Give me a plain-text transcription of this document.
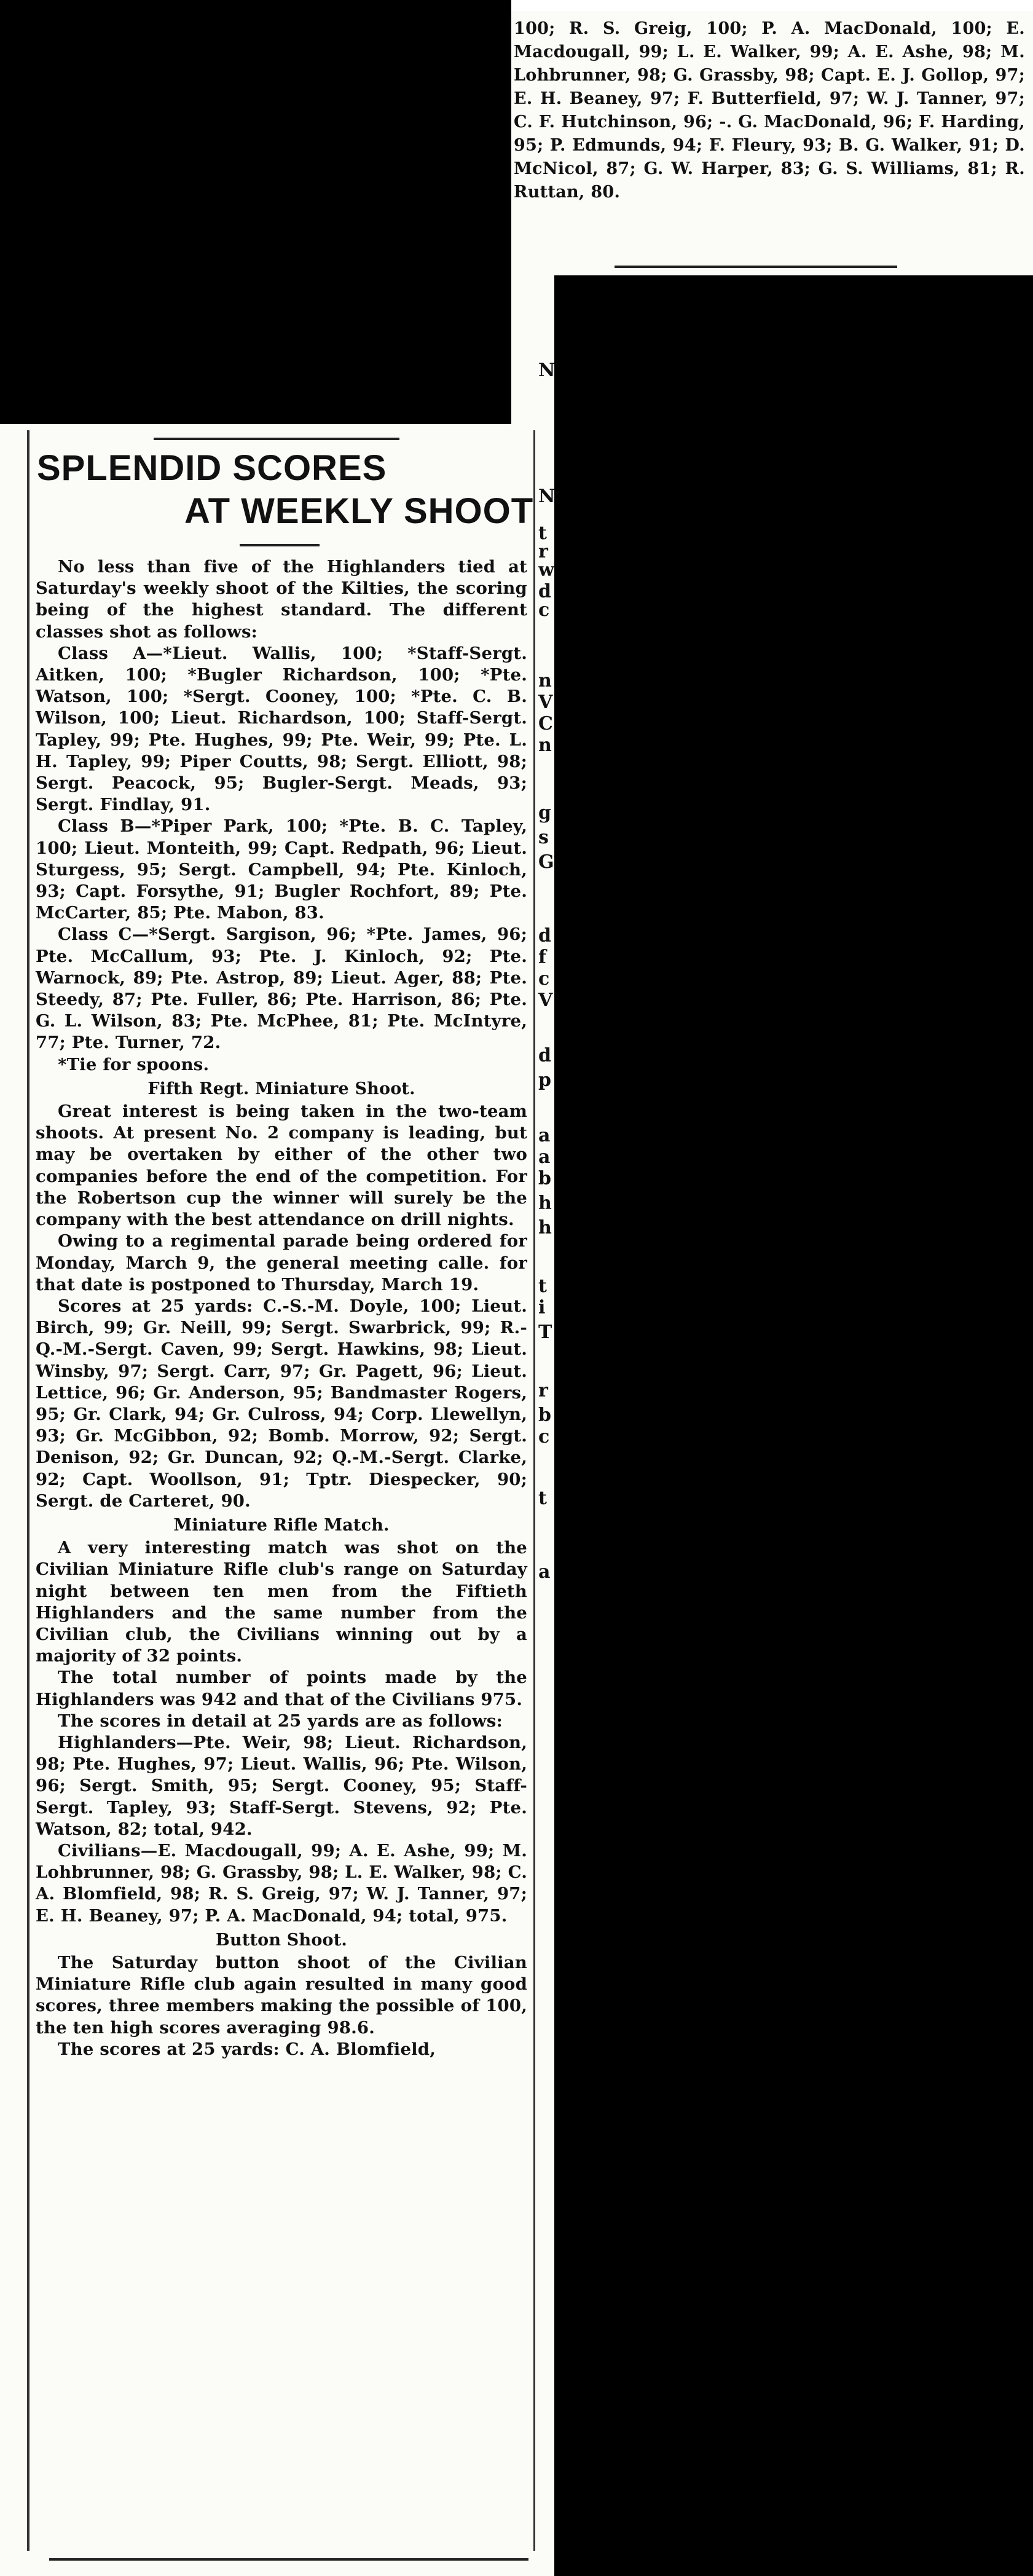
100; R. S. Greig, 100; P. A. MacDonald, 100; E. Macdougall, 99; L. E. Walker, 99; A. E. Ashe, 98; M. Lohbrunner, 98; G. Grassby, 98; Capt. E. J. Gollop, 97; E. H. Beaney, 97; F. Butterfield, 97; W. J. Tanner, 97; C. F. Hutchinson, 96; -. G. MacDonald, 96; F. Harding, 95; P. Edmunds, 94; F. Fleury, 93; B. G. Walker, 91; D. McNicol, 87; G. W. Harper, 83; G. S. Williams, 81; R. Ruttan, 80.
N
N
t
r
w
d
c
n
V
C
n
g
s
G
d
f
c
V
d
p
a
a
b
h
h
t
i
T
r
b
c
t
a
SPLENDID SCORES
AT WEEKLY SHOOT

No less than five of the Highlanders tied at Saturday's weekly shoot of the Kilties, the scoring being of the highest standard. The different classes shot as follows:

Class A—*Lieut. Wallis, 100; *Staff-Sergt. Aitken, 100; *Bugler Richardson, 100; *Pte. Watson, 100; *Sergt. Cooney, 100; *Pte. C. B. Wilson, 100; Lieut. Richardson, 100; Staff-Sergt. Tapley, 99; Pte. Hughes, 99; Pte. Weir, 99; Pte. L. H. Tapley, 99; Piper Coutts, 98; Sergt. Elliott, 98; Sergt. Peacock, 95; Bugler-Sergt. Meads, 93; Sergt. Findlay, 91.

Class B—*Piper Park, 100; *Pte. B. C. Tapley, 100; Lieut. Monteith, 99; Capt. Redpath, 96; Lieut. Sturgess, 95; Sergt. Campbell, 94; Pte. Kinloch, 93; Capt. Forsythe, 91; Bugler Rochfort, 89; Pte. McCarter, 85; Pte. Mabon, 83.

Class C—*Sergt. Sargison, 96; *Pte. James, 96; Pte. McCallum, 93; Pte. J. Kinloch, 92; Pte. Warnock, 89; Pte. Astrop, 89; Lieut. Ager, 88; Pte. Steedy, 87; Pte. Fuller, 86; Pte. Harrison, 86; Pte. G. L. Wilson, 83; Pte. McPhee, 81; Pte. McIntyre, 77; Pte. Turner, 72.

*Tie for spoons.

Fifth Regt. Miniature Shoot.

Great interest is being taken in the two-team shoots. At present No. 2 company is leading, but may be overtaken by either of the other two companies before the end of the competition. For the Robertson cup the winner will surely be the company with the best attendance on drill nights.

Owing to a regimental parade being ordered for Monday, March 9, the general meeting calle. for that date is postponed to Thursday, March 19.

Scores at 25 yards: C.-S.-M. Doyle, 100; Lieut. Birch, 99; Gr. Neill, 99; Sergt. Swarbrick, 99; R.-Q.-M.-Sergt. Caven, 99; Sergt. Hawkins, 98; Lieut. Winsby, 97; Sergt. Carr, 97; Gr. Pagett, 96; Lieut. Lettice, 96; Gr. Anderson, 95; Bandmaster Rogers, 95; Gr. Clark, 94; Gr. Culross, 94; Corp. Llewellyn, 93; Gr. McGibbon, 92; Bomb. Morrow, 92; Sergt. Denison, 92; Gr. Duncan, 92; Q.-M.-Sergt. Clarke, 92; Capt. Woollson, 91; Tptr. Diespecker, 90; Sergt. de Carteret, 90.

Miniature Rifle Match.

A very interesting match was shot on the Civilian Miniature Rifle club's range on Saturday night between ten men from the Fiftieth Highlanders and the same number from the Civilian club, the Civilians winning out by a majority of 32 points.

The total number of points made by the Highlanders was 942 and that of the Civilians 975.

The scores in detail at 25 yards are as follows:

Highlanders—Pte. Weir, 98; Lieut. Richardson, 98; Pte. Hughes, 97; Lieut. Wallis, 96; Pte. Wilson, 96; Sergt. Smith, 95; Sergt. Cooney, 95; Staff-Sergt. Tapley, 93; Staff-Sergt. Stevens, 92; Pte. Watson, 82; total, 942.

Civilians—E. Macdougall, 99; A. E. Ashe, 99; M. Lohbrunner, 98; G. Grassby, 98; L. E. Walker, 98; C. A. Blomfield, 98; R. S. Greig, 97; W. J. Tanner, 97; E. H. Beaney, 97; P. A. MacDonald, 94; total, 975.

Button Shoot.

The Saturday button shoot of the Civilian Miniature Rifle club again resulted in many good scores, three members making the possible of 100, the ten high scores averaging 98.6.

The scores at 25 yards: C. A. Blomfield,
